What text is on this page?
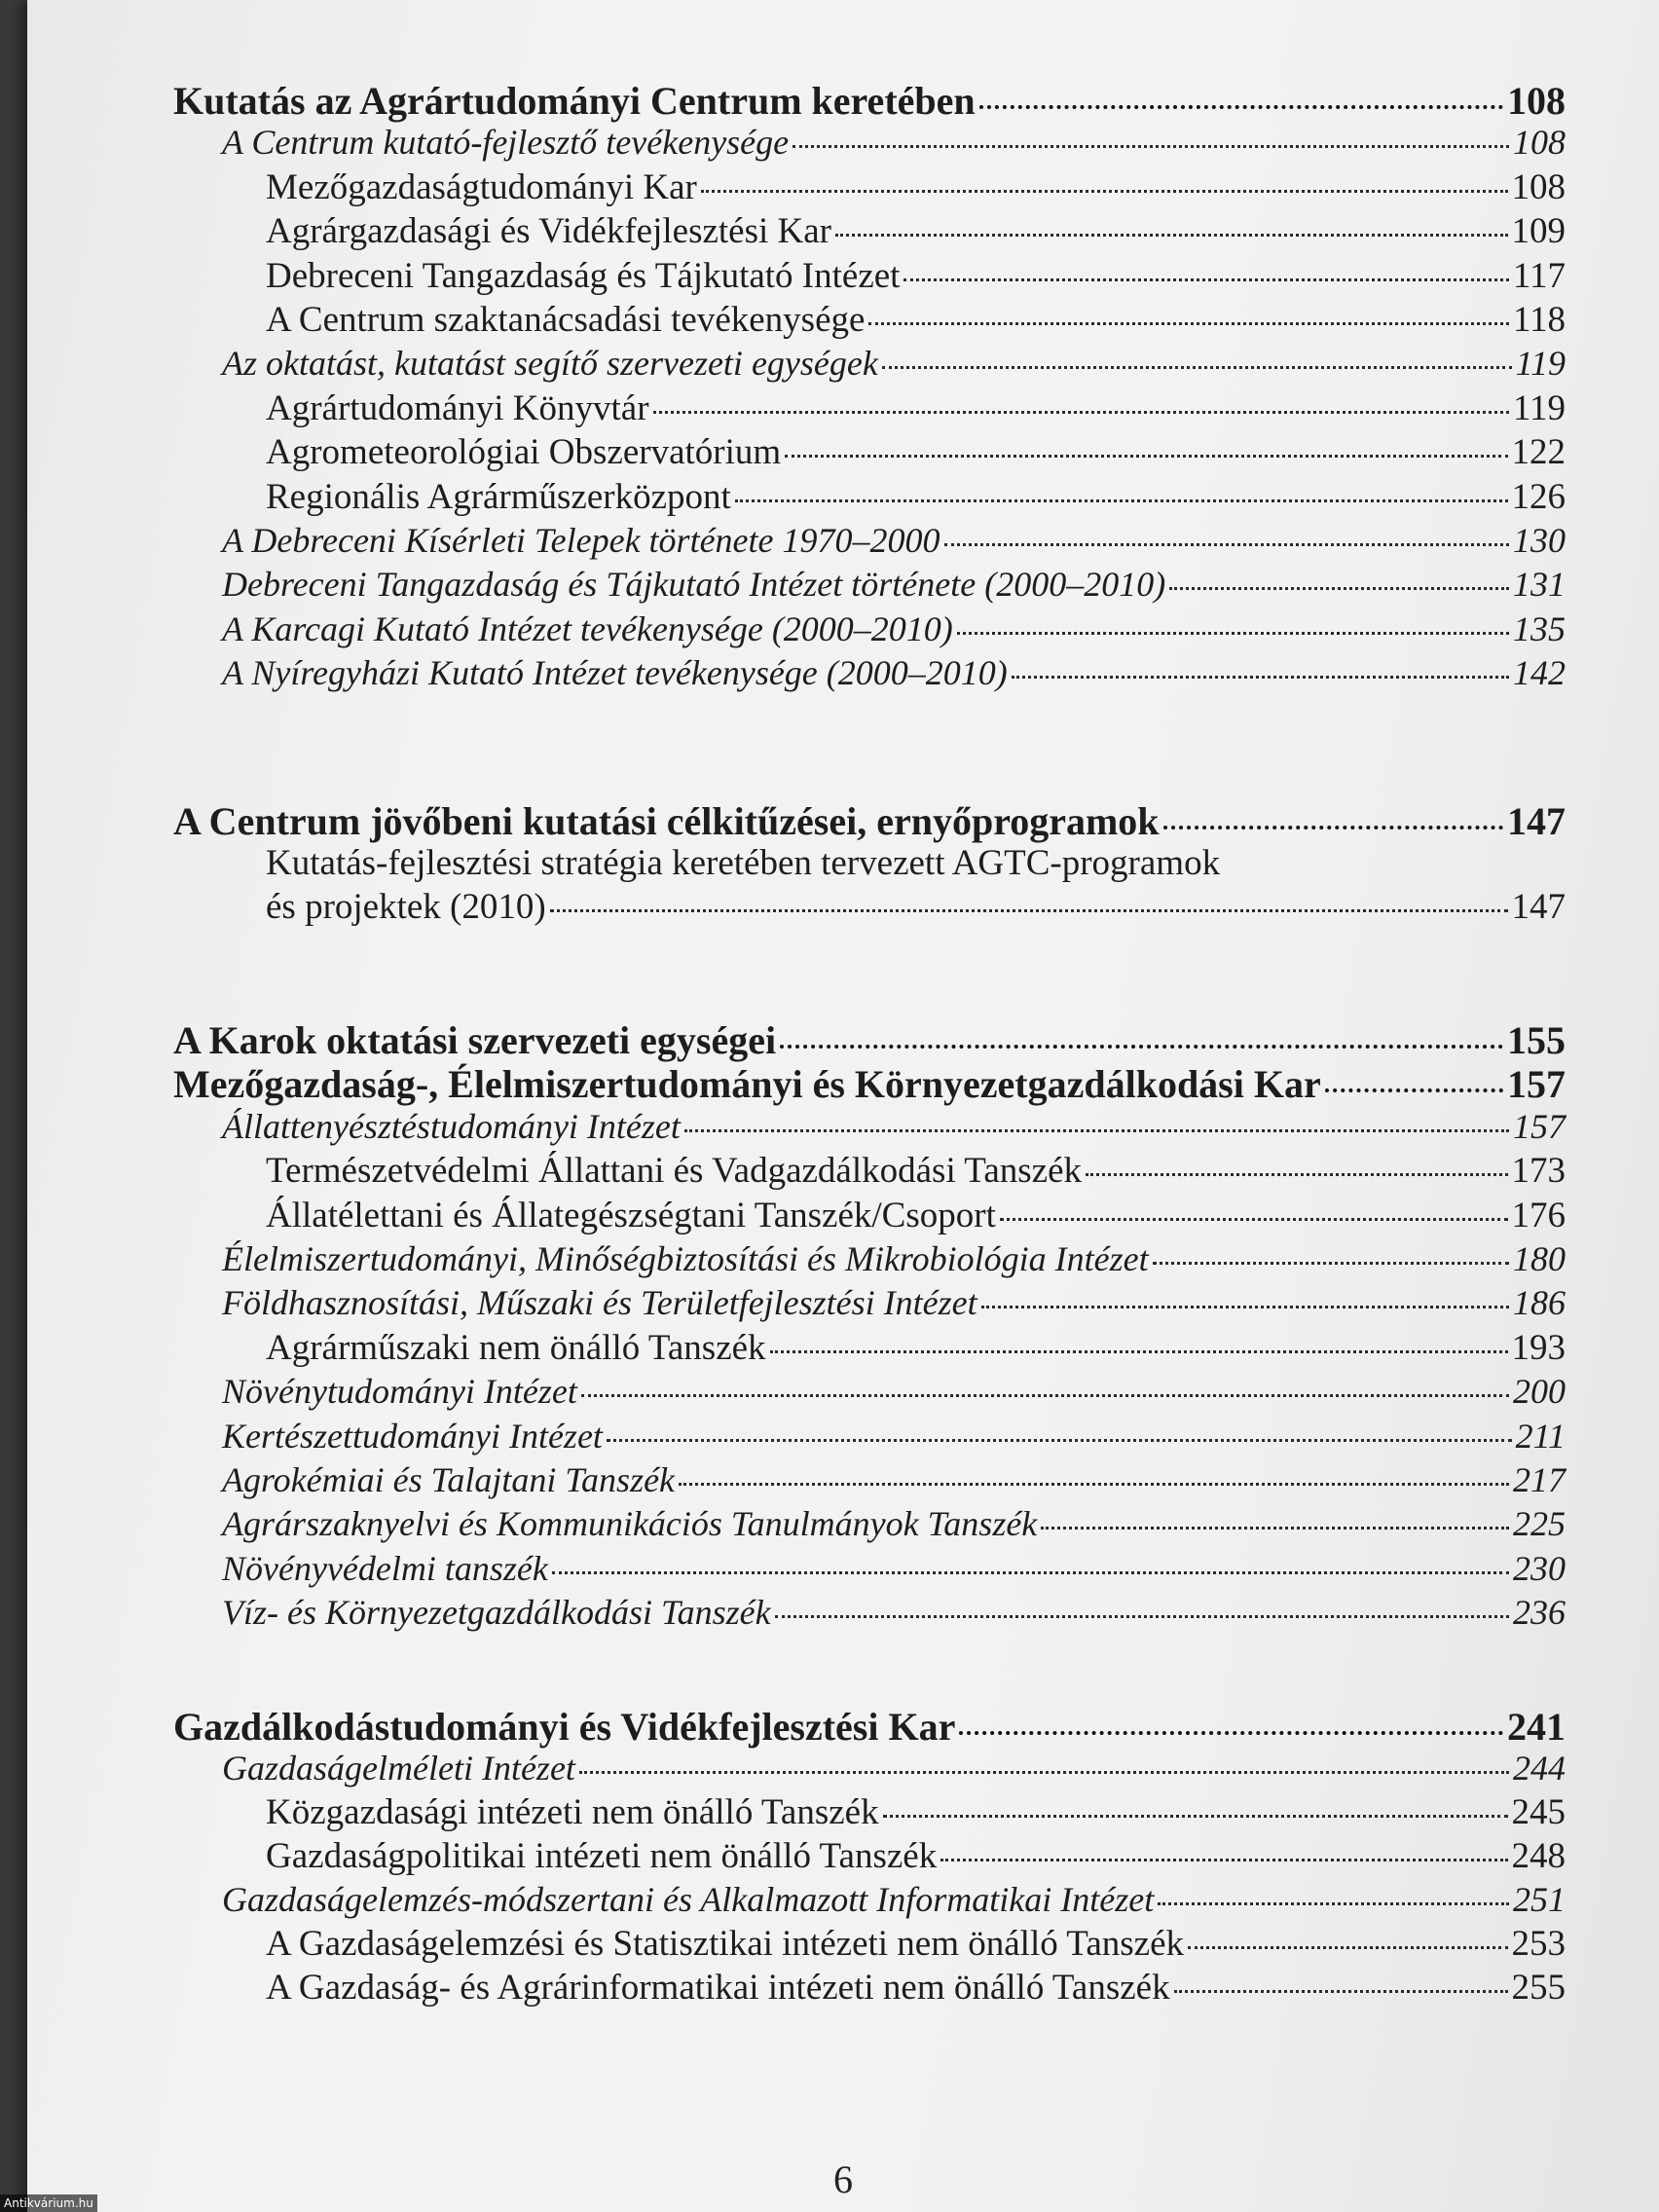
Kutatás az Agrártudományi Centrum keretében	108
A Centrum kutató-fejlesztő tevékenysége	108
Mezőgazdaságtudományi Kar	108
Agrárgazdasági és Vidékfejlesztési Kar	109
Debreceni Tangazdaság és Tájkutató Intézet	117
A Centrum szaktanácsadási tevékenysége	118
Az oktatást, kutatást segítő szervezeti egységek	119
Agrártudományi Könyvtár	119
Agrometeorológiai Obszervatórium	122
Regionális Agrárműszerközpont	126
A Debreceni Kísérleti Telepek története 1970–2000	130
Debreceni Tangazdaság és Tájkutató Intézet története (2000–2010)	131
A Karcagi Kutató Intézet tevékenysége (2000–2010)	135
A Nyíregyházi Kutató Intézet tevékenysége (2000–2010)	142
A Centrum jövőbeni kutatási célkitűzései, ernyőprogramok	147
Kutatás-fejlesztési stratégia keretében tervezett AGTC-programok
és projektek (2010)	147
A Karok oktatási szervezeti egységei	155
Mezőgazdaság-, Élelmiszertudományi és Környezetgazdálkodási Kar	157
Állattenyésztéstudományi Intézet	157
Természetvédelmi Állattani és Vadgazdálkodási Tanszék	173
Állatélettani és Állategészségtani Tanszék/Csoport	176
Élelmiszertudományi, Minőségbiztosítási és Mikrobiológia Intézet	180
Földhasznosítási, Műszaki és Területfejlesztési Intézet	186
Agrárműszaki nem önálló Tanszék	193
Növénytudományi Intézet	200
Kertészettudományi Intézet	211
Agrokémiai és Talajtani Tanszék	217
Agrárszaknyelvi és Kommunikációs Tanulmányok Tanszék	225
Növényvédelmi tanszék	230
Víz- és Környezetgazdálkodási Tanszék	236
Gazdálkodástudományi és Vidékfejlesztési Kar	241
Gazdaságelméleti Intézet	244
Közgazdasági intézeti nem önálló Tanszék	245
Gazdaságpolitikai intézeti nem önálló Tanszék	248
Gazdaságelemzés-módszertani és Alkalmazott Informatikai Intézet	251
A Gazdaságelemzési és Statisztikai intézeti nem önálló Tanszék	253
A Gazdaság- és Agrárinformatikai intézeti nem önálló Tanszék	255
6
Antikvárium.hu
